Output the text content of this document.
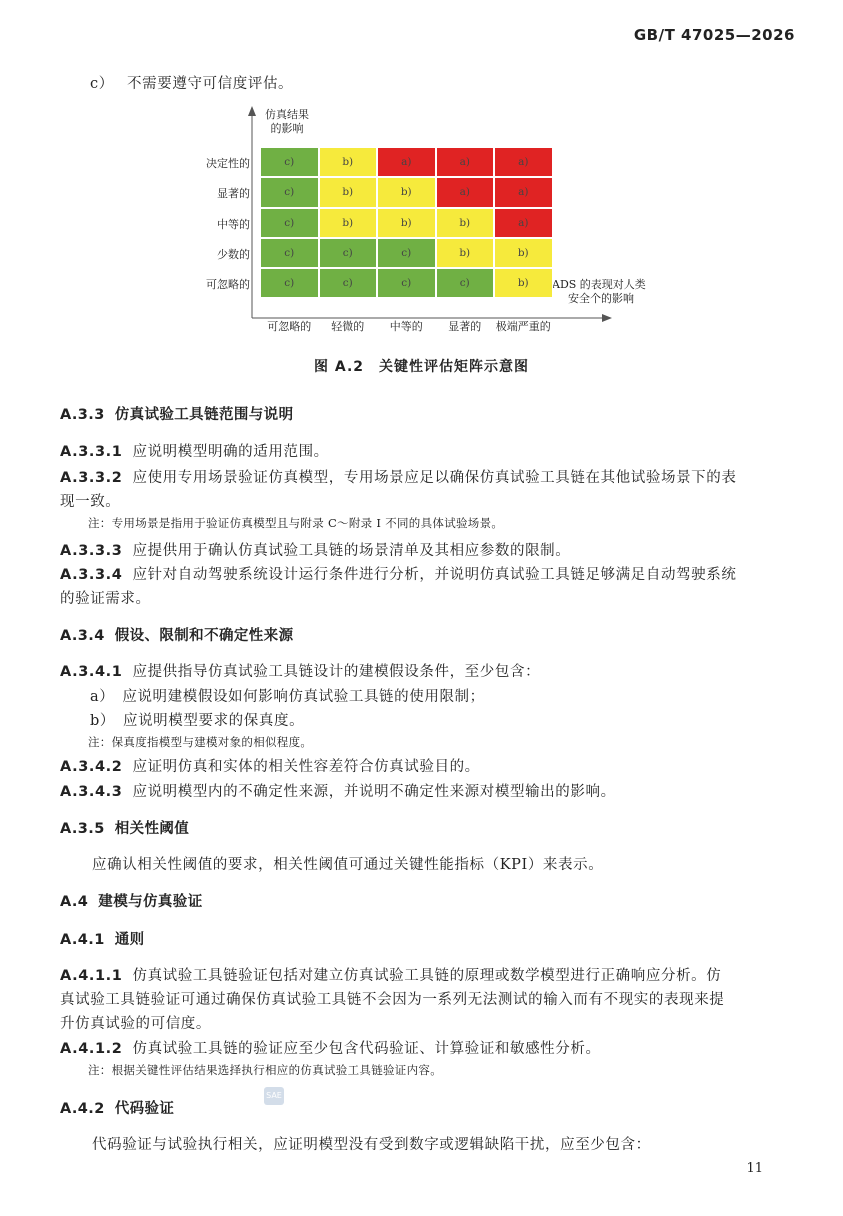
GB/T 47025—2026
c） 不需要遵守可信度评估。
仿真结果
的影响
ADS 的表现对人类
安全个的影响
c)	b)	a)	a)	a)
c)	b)	b)	a)	a)
c)	b)	b)	b)	a)
c)	c)	c)	b)	b)
c)	c)	c)	c)	b)
决定性的
显著的
中等的
少数的
可忽略的
可忽略的	轻微的	中等的	显著的	极端严重的
图 A.2　关键性评估矩阵示意图
A.3.3 仿真试验工具链范围与说明
A.3.3.1 应说明模型明确的适用范围。
A.3.3.2 应使用专用场景验证仿真模型，专用场景应足以确保仿真试验工具链在其他试验场景下的表
现一致。
注：专用场景是指用于验证仿真模型且与附录 C～附录 I 不同的具体试验场景。
A.3.3.3 应提供用于确认仿真试验工具链的场景清单及其相应参数的限制。
A.3.3.4 应针对自动驾驶系统设计运行条件进行分析，并说明仿真试验工具链足够满足自动驾驶系统
的验证需求。
A.3.4 假设、限制和不确定性来源
A.3.4.1 应提供指导仿真试验工具链设计的建模假设条件，至少包含：
a） 应说明建模假设如何影响仿真试验工具链的使用限制；
b） 应说明模型要求的保真度。
注：保真度指模型与建模对象的相似程度。
A.3.4.2 应证明仿真和实体的相关性容差符合仿真试验目的。
A.3.4.3 应说明模型内的不确定性来源，并说明不确定性来源对模型输出的影响。
A.3.5 相关性阈值
应确认相关性阈值的要求，相关性阈值可通过关键性能指标（KPI）来表示。
A.4 建模与仿真验证
A.4.1 通则
A.4.1.1 仿真试验工具链验证包括对建立仿真试验工具链的原理或数学模型进行正确响应分析。仿
真试验工具链验证可通过确保仿真试验工具链不会因为一系列无法测试的输入而有不现实的表现来提
升仿真试验的可信度。
A.4.1.2 仿真试验工具链的验证应至少包含代码验证、计算验证和敏感性分析。
注：根据关键性评估结果选择执行相应的仿真试验工具链验证内容。
A.4.2 代码验证
SAE
代码验证与试验执行相关，应证明模型没有受到数字或逻辑缺陷干扰，应至少包含：
11
